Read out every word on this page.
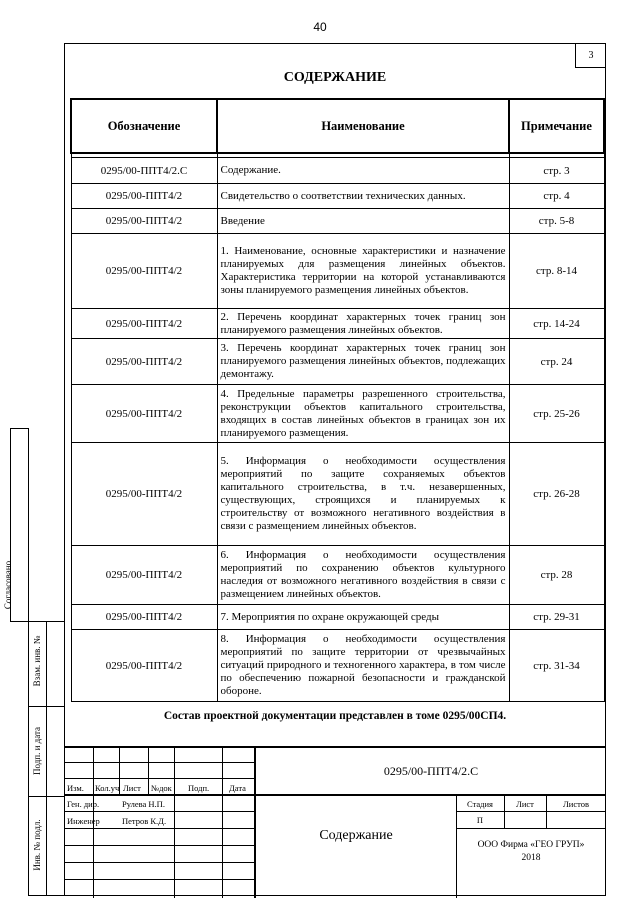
40
3
СОДЕРЖАНИЕ
Обозначение	Наименование	Примечание

0295/00-ППТ4/2.С	Содержание.	стр. 3
0295/00-ППТ4/2	Свидетельство о соответствии технических данных.	стр. 4
0295/00-ППТ4/2	Введение	стр. 5-8
0295/00-ППТ4/2	1. Наименование, основные характеристики и назначение планируемых для размещения линейных объектов. Характеристика территории на которой устанавливаются зоны планируемого размещения линейных объектов.	стр. 8-14
0295/00-ППТ4/2	2. Перечень координат характерных точек границ зон планируемого размещения линейных объектов.	стр. 14-24
0295/00-ППТ4/2	3. Перечень координат характерных точек границ зон планируемого размещения линейных объектов, подлежащих демонтажу.	стр. 24
0295/00-ППТ4/2	4. Предельные параметры разрешенного строительства, реконструкции объектов капитального строительства, входящих в состав линейных объектов в границах зон их планируемого размещения.	стр. 25-26
0295/00-ППТ4/2	5. Информация о необходимости осуществления мероприятий по защите сохраняемых объектов капитального строительства, в т.ч. незавершенных, существующих, строящихся и планируемых к строительству от возможного негативного воздействия в связи с размещением линейных объектов.	стр. 26-28
0295/00-ППТ4/2	6. Информация о необходимости осуществления мероприятий по сохранению объектов культурного наследия от возможного негативного воздействия в связи с размещением линейных объектов.	стр. 28
0295/00-ППТ4/2	7. Мероприятия по охране окружающей среды	стр. 29-31
0295/00-ППТ4/2	8. Информация о необходимости осуществления мероприятий по защите территории от чрезвычайных ситуаций природного и техногенного характера, в том числе по обеспечению пожарной безопасности и гражданской обороне.	стр. 31-34
Состав проектной документации представлен в томе 0295/00СП4.
Изм. Кол.уч Лист №док Подп. Дата
Ген. дир.	Рулева Н.П.
Инженер	Петров К.Д.
0295/00-ППТ4/2.С
Содержание
Стадия	Лист	Листов
П
ООО Фирма «ГЕО ГРУП»
2018
Согласовано
Взам. инв. №
Подп. и дата
Инв. № подл.
